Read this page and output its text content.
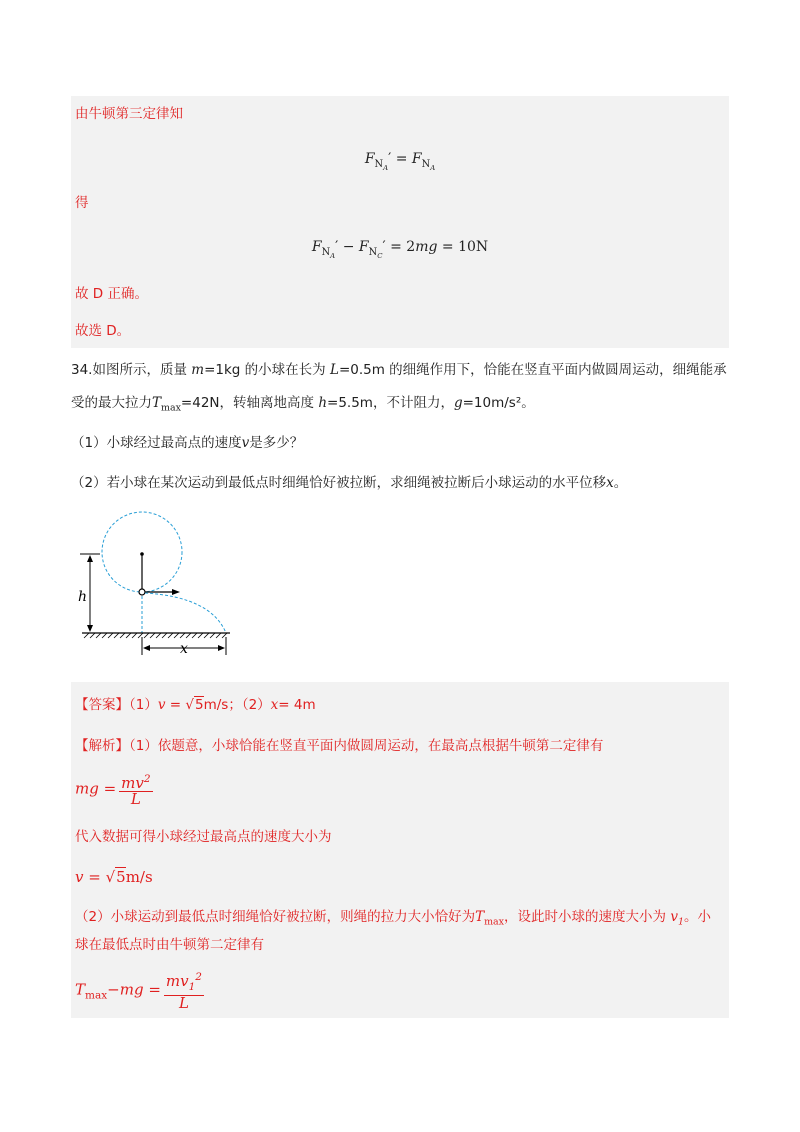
由牛顿第三定律知
$F_{N_A}' = F_{N_A}$
得
$F_{N_A}' - F_{N_C}' = 2mg = 10N$
故 D 正确。
故选 D。
34.如图所示，质量 m=1kg 的小球在长为 L=0.5m 的细绳作用下，恰能在竖直平面内做圆周运动，细绳能承
受的最大拉力$T_{max}=42N$，转轴离地高度 h=5.5m，不计阻力，g=10m/s²。
（1）小球经过最高点的速度v是多少？
（2）若小球在某次运动到最低点时细绳恰好被拉断，求细绳被拉断后小球运动的水平位移x。
h
x
【答案】（1）v = √5m/s；（2）x= 4m
【解析】（1）依题意，小球恰能在竖直平面内做圆周运动，在最高点根据牛顿第二定律有
mg = $\frac{mv^2}{L}$
代入数据可得小球经过最高点的速度大小为
v = √5m/s
（2）小球运动到最低点时细绳恰好被拉断，则绳的拉力大小恰好为$T_{max}$，设此时小球的速度大小为 $v_1$。小
球在最低点时由牛顿第二定律有
$T_{max}-mg = \frac{mv_1^2}{L}$
